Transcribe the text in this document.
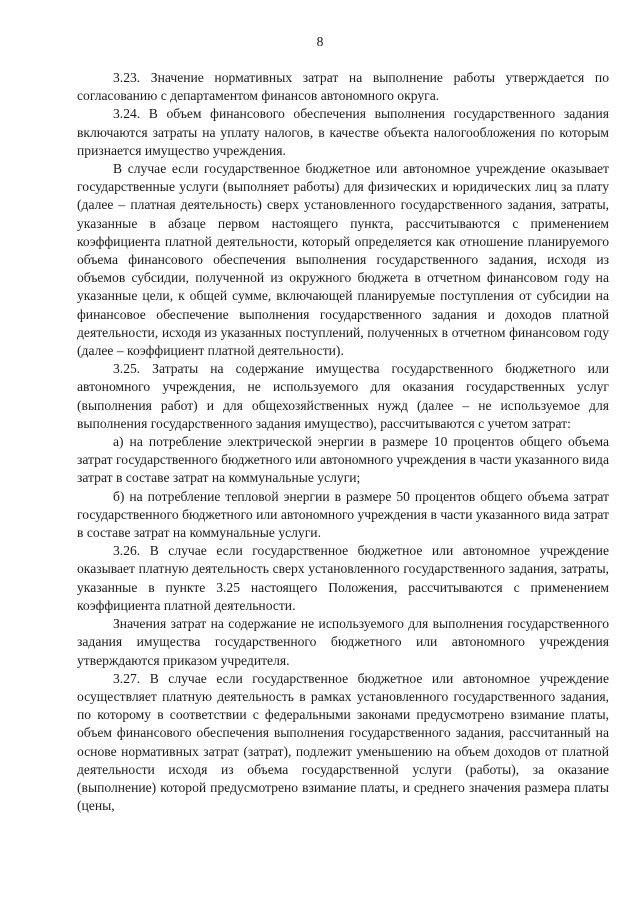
8

3.23. Значение нормативных затрат на выполнение работы утверждается по согласованию с департаментом финансов автономного округа.

3.24. В объем финансового обеспечения выполнения государственного задания включаются затраты на уплату налогов, в качестве объекта налогообложения по которым признается имущество учреждения.

В случае если государственное бюджетное или автономное учреждение оказывает государственные услуги (выполняет работы) для физических и юридических лиц за плату (далее – платная деятельность) сверх установленного государственного задания, затраты, указанные в абзаце первом настоящего пункта, рассчитываются с применением коэффициента платной деятельности, который определяется как отношение планируемого объема финансового обеспечения выполнения государственного задания, исходя из объемов субсидии, полученной из окружного бюджета в отчетном финансовом году на указанные цели, к общей сумме, включающей планируемые поступления от субсидии на финансовое обеспечение выполнения государственного задания и доходов платной деятельности, исходя из указанных поступлений, полученных в отчетном финансовом году (далее – коэффициент платной деятельности).

3.25. Затраты на содержание имущества государственного бюджетного или автономного учреждения, не используемого для оказания государственных услуг (выполнения работ) и для общехозяйственных нужд (далее – не используемое для выполнения государственного задания имущество), рассчитываются с учетом затрат:

а) на потребление электрической энергии в размере 10 процентов общего объема затрат государственного бюджетного или автономного учреждения в части указанного вида затрат в составе затрат на коммунальные услуги;

б) на потребление тепловой энергии в размере 50 процентов общего объема затрат государственного бюджетного или автономного учреждения в части указанного вида затрат в составе затрат на коммунальные услуги.

3.26. В случае если государственное бюджетное или автономное учреждение оказывает платную деятельность сверх установленного государственного задания, затраты, указанные в пункте 3.25 настоящего Положения, рассчитываются с применением коэффициента платной деятельности.

Значения затрат на содержание не используемого для выполнения государственного задания имущества государственного бюджетного или автономного учреждения утверждаются приказом учредителя.

3.27. В случае если государственное бюджетное или автономное учреждение осуществляет платную деятельность в рамках установленного государственного задания, по которому в соответствии с федеральными законами предусмотрено взимание платы, объем финансового обеспечения выполнения государственного задания, рассчитанный на основе нормативных затрат (затрат), подлежит уменьшению на объем доходов от платной деятельности исходя из объема государственной услуги (работы), за оказание (выполнение) которой предусмотрено взимание платы, и среднего значения размера платы (цены,
